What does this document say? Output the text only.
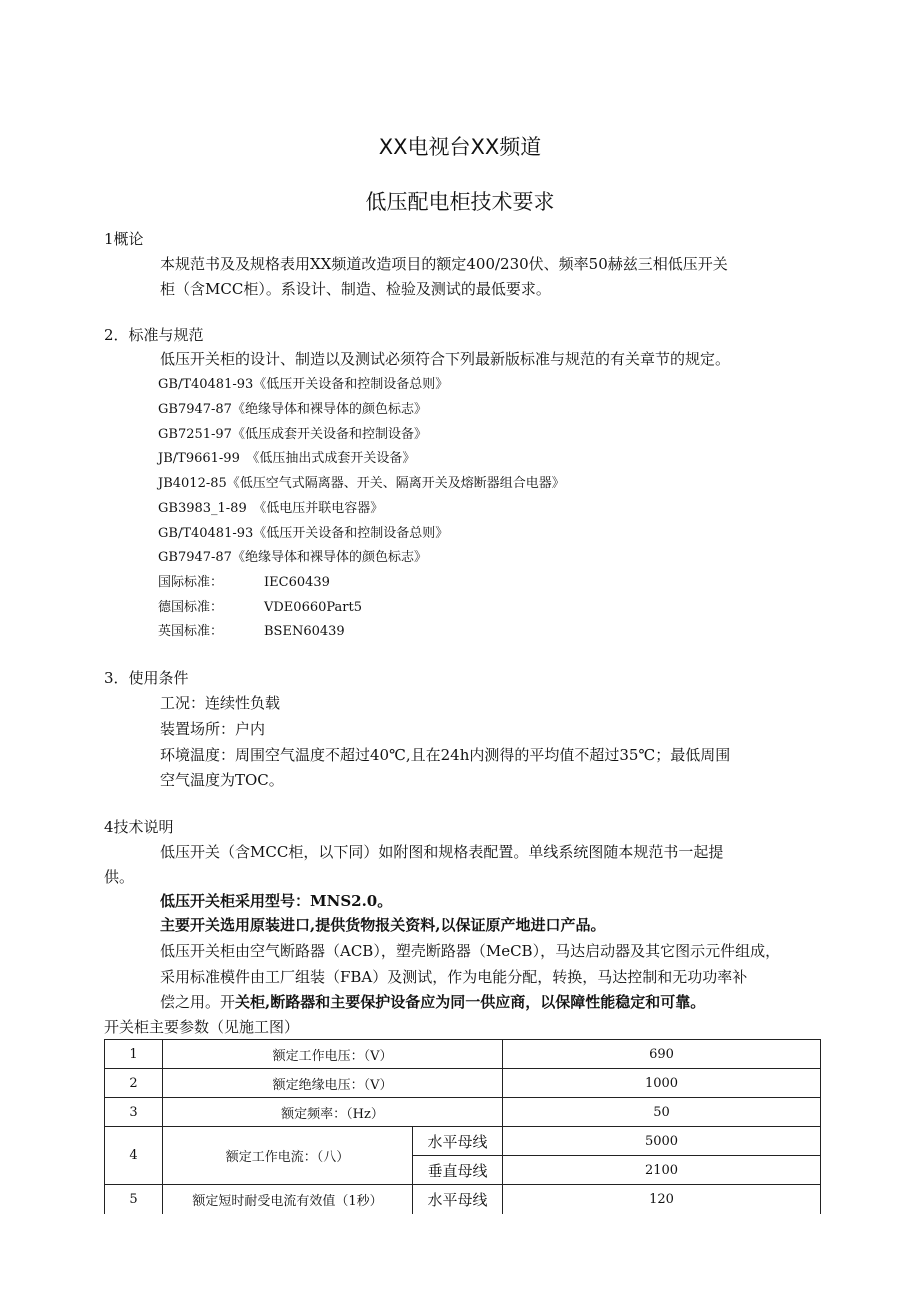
XX电视台XX频道
低压配电柜技术要求
1概论
本规范书及及规格表用XX频道改造项目的额定400/230伏、频率50赫兹三相低压开关
柜（含MCC柜）。系设计、制造、检验及测试的最低要求。
2．标准与规范
低压开关柜的设计、制造以及测试必须符合下列最新版标准与规范的有关章节的规定。
GB/T40481-93《低压开关设备和控制设备总则》
GB7947-87《绝缘导体和裸导体的颜色标志》
GB7251-97《低压成套开关设备和控制设备》
JB/T9661-99　《低压抽出式成套开关设备》
JB4012-85《低压空气式隔离器、开关、隔离开关及熔断器组合电器》
GB3983_1-89　《低电压并联电容器》
GB/T40481-93《低压开关设备和控制设备总则》
GB7947-87《绝缘导体和裸导体的颜色标志》
国际标准：	IEC60439
德国标准：	VDE0660Part5
英国标准：	BSEN60439
3．使用条件
工况：连续性负载
装置场所：户内
环境温度：周围空气温度不超过40℃,且在24h内测得的平均值不超过35℃；最低周围
空气温度为TOC。
4技术说明
低压开关（含MCC柜，以下同）如附图和规格表配置。单线系统图随本规范书一起提
供。
低压开关柜采用型号：MNS2.0。
主要开关选用原装进口,提供货物报关资料,以保证原产地进口产品。
低压开关柜由空气断路器（ACB），塑壳断路器（MeCB），马达启动器及其它图示元件组成，
采用标准模件由工厂组装（FBA）及测试，作为电能分配，转换，马达控制和无功功率补
偿之用。开关柜,断路器和主要保护设备应为同一供应商，以保障性能稳定和可靠。
开关柜主要参数（见施工图）
1	额定工作电压：（V）		690
2	额定绝缘电压：（V）		1000
3	额定频率：（Hz）		50
4	额定工作电流：（八）	水平母线	5000
		垂直母线	2100
5	额定短时耐受电流有效值（1秒）	水平母线	120
